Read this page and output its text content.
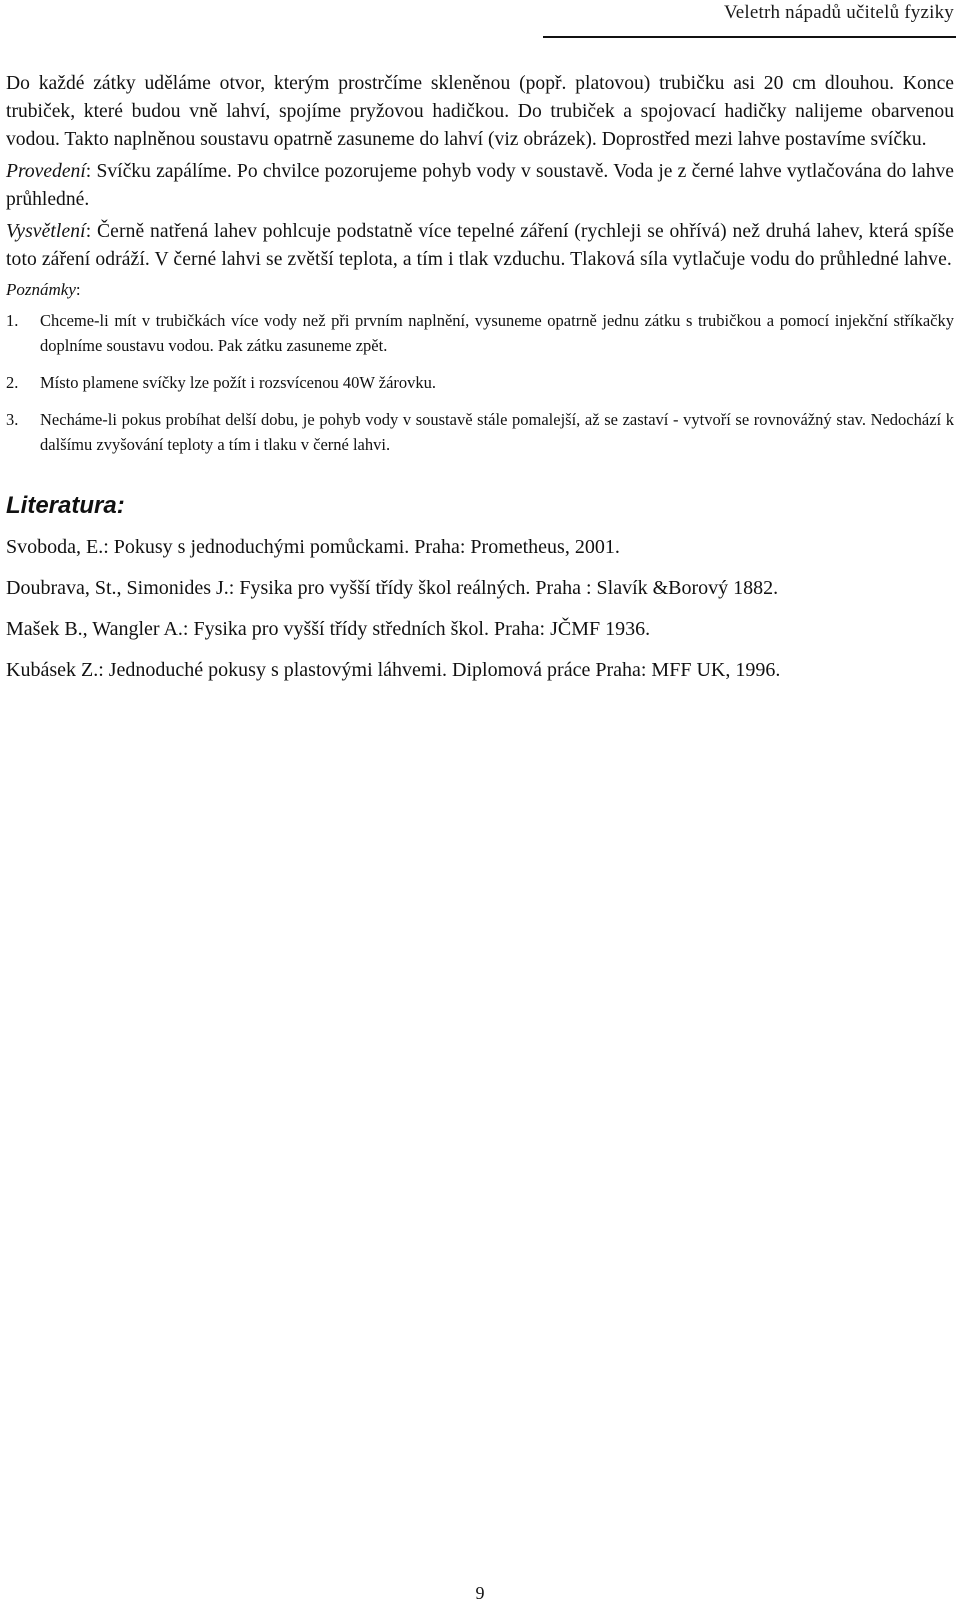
Veletrh nápadů učitelů fyziky

Do každé zátky uděláme otvor, kterým prostrčíme skleněnou (popř. platovou) trubičku asi 20 cm dlouhou. Konce trubiček, které budou vně lahví, spojíme pryžovou hadičkou. Do trubiček a spojovací hadičky nalijeme obarvenou vodou. Takto naplněnou soustavu opatrně zasuneme do lahví (viz obrázek). Doprostřed mezi lahve postavíme svíčku.

Provedení: Svíčku zapálíme. Po chvilce pozorujeme pohyb vody v soustavě. Voda je z černé lahve vytlačována do lahve průhledné.

Vysvětlení: Černě natřená lahev pohlcuje podstatně více tepelné záření (rychleji se ohřívá) než druhá lahev, která spíše toto záření odráží. V černé lahvi se zvětší teplota, a tím i tlak vzduchu. Tlaková síla vytlačuje vodu do průhledné lahve.

Poznámky:
1.	Chceme-li mít v trubičkách více vody než při prvním naplnění, vysuneme opatrně jednu zátku s trubičkou a pomocí injekční stříkačky doplníme soustavu vodou. Pak zátku zasuneme zpět.
2.	Místo plamene svíčky lze požít i rozsvícenou 40W žárovku.
3.	Necháme-li pokus probíhat delší dobu, je pohyb vody v soustavě stále pomalejší, až se zastaví - vytvoří se rovnovážný stav. Nedochází k dalšímu zvyšování teploty a tím i tlaku v černé lahvi.
Literatura:

Svoboda, E.: Pokusy s jednoduchými pomůckami. Praha: Prometheus, 2001.

Doubrava, St., Simonides J.: Fysika pro vyšší třídy škol reálných. Praha : Slavík &Borový 1882.

Mašek B., Wangler A.: Fysika pro vyšší třídy středních škol. Praha: JČMF 1936.

Kubásek Z.: Jednoduché pokusy s plastovými láhvemi. Diplomová práce Praha: MFF UK, 1996.

9
